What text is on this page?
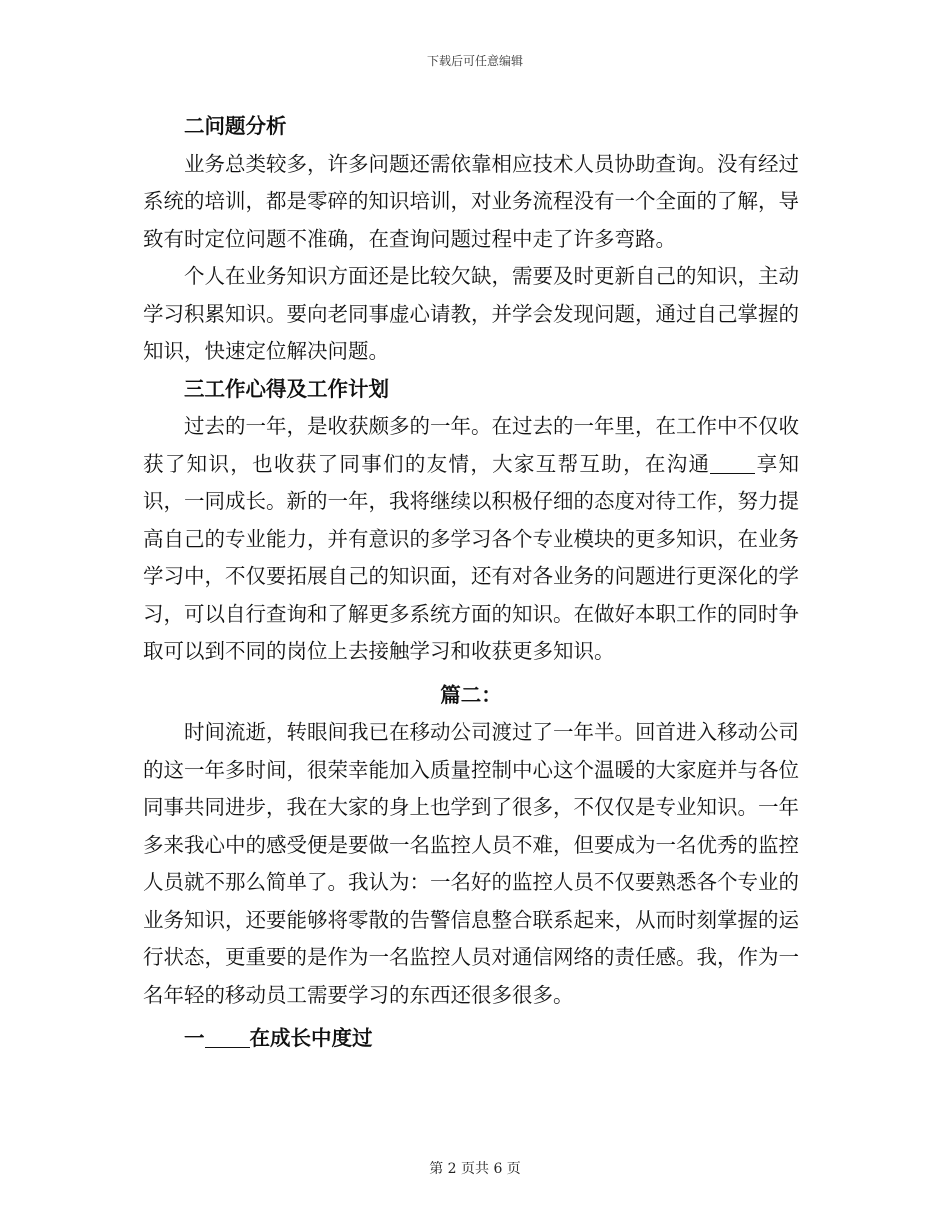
下载后可任意编辑

二问题分析

业务总类较多，许多问题还需依靠相应技术人员协助查询。没有经过系统的培训，都是零碎的知识培训，对业务流程没有一个全面的了解，导致有时定位问题不准确，在查询问题过程中走了许多弯路。

个人在业务知识方面还是比较欠缺，需要及时更新自己的知识，主动学习积累知识。要向老同事虚心请教，并学会发现问题，通过自己掌握的知识，快速定位解决问题。

三工作心得及工作计划

过去的一年，是收获颇多的一年。在过去的一年里，在工作中不仅收获了知识，也收获了同事们的友情，大家互帮互助，在沟通 享知识，一同成长。新的一年，我将继续以积极仔细的态度对待工作，努力提高自己的专业能力，并有意识的多学习各个专业模块的更多知识，在业务学习中，不仅要拓展自己的知识面，还有对各业务的问题进行更深化的学习，可以自行查询和了解更多系统方面的知识。在做好本职工作的同时争取可以到不同的岗位上去接触学习和收获更多知识。

篇二：

时间流逝，转眼间我已在移动公司渡过了一年半。回首进入移动公司的这一年多时间，很荣幸能加入质量控制中心这个温暖的大家庭并与各位同事共同进步，我在大家的身上也学到了很多，不仅仅是专业知识。一年多来我心中的感受便是要做一名监控人员不难，但要成为一名优秀的监控人员就不那么简单了。我认为：一名好的监控人员不仅要熟悉各个专业的业务知识，还要能够将零散的告警信息整合联系起来，从而时刻掌握的运行状态，更重要的是作为一名监控人员对通信网络的责任感。我，作为一名年轻的移动员工需要学习的东西还很多很多。

一 在成长中度过

第 2 页共 6 页
